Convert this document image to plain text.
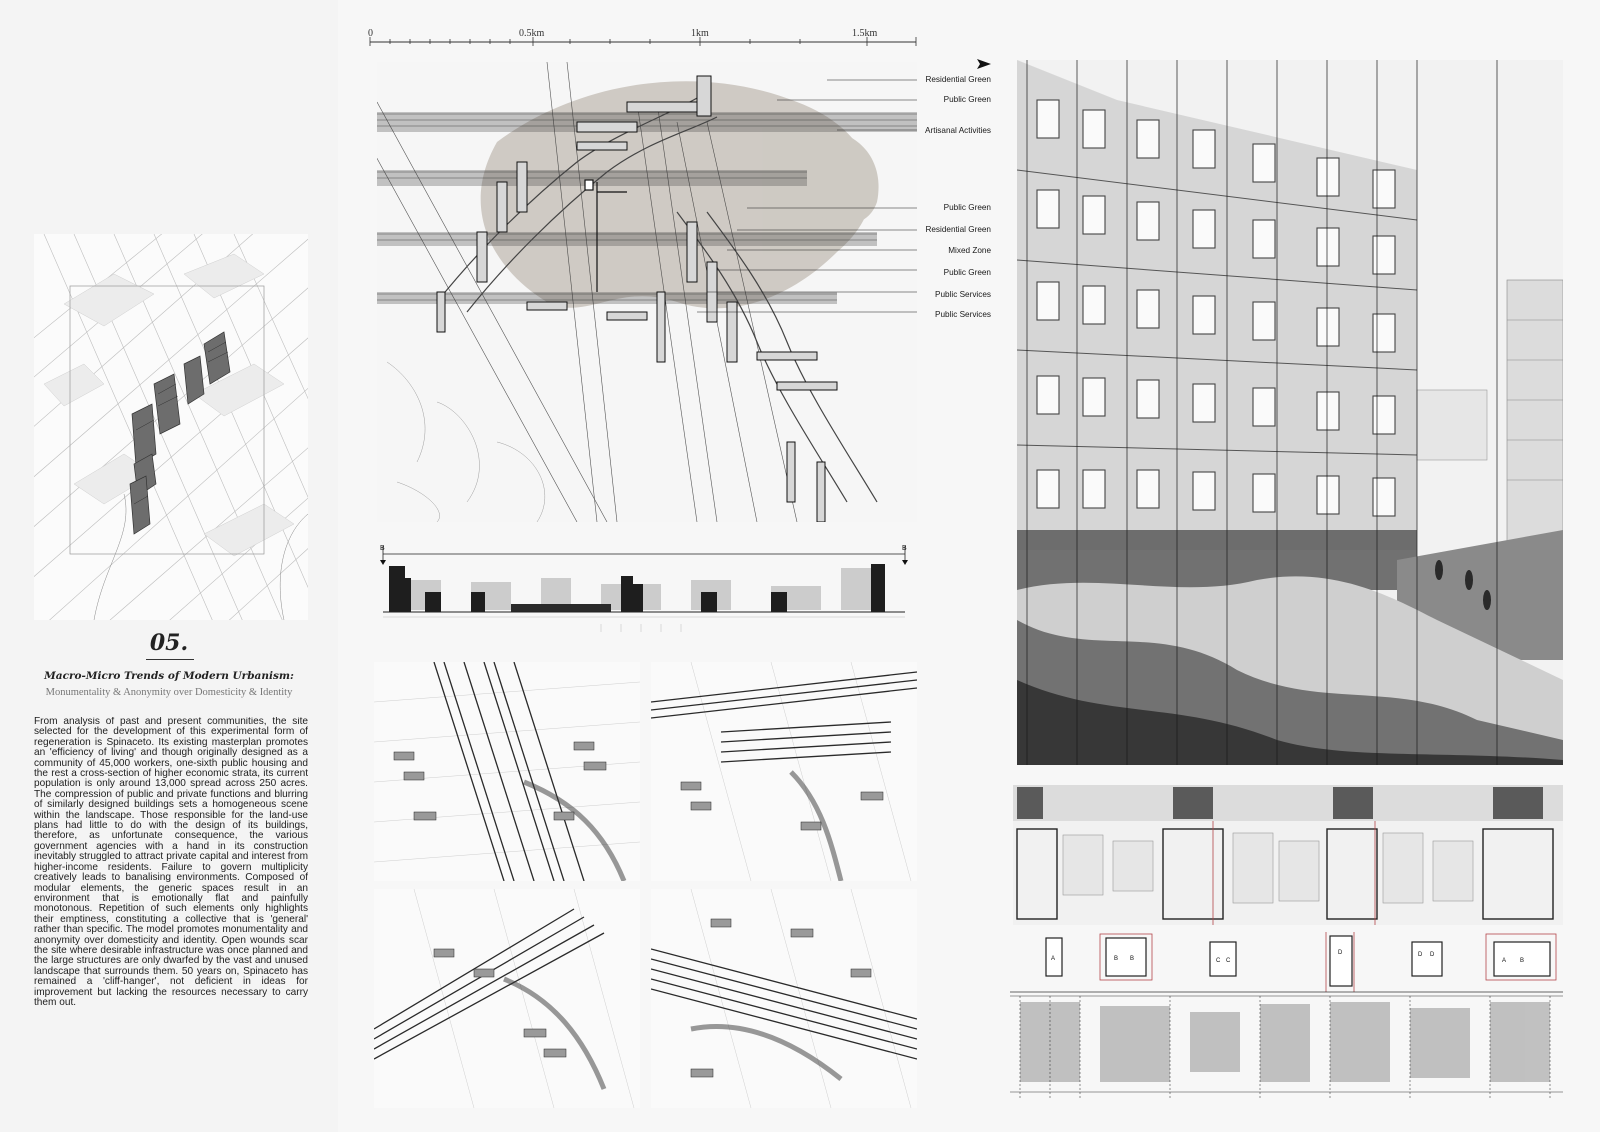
05.
Macro-Micro Trends of Modern Urbanism:
Monumentality & Anonymity over Domesticity & Identity
From analysis of past and present communities, the site selected for the development of this experimental form of regeneration is Spinaceto. Its existing masterplan promotes an 'efficiency of living' and though originally designed as a community of 45,000 workers, one-sixth public housing and the rest a cross-section of higher economic strata, its current population is only around 13,000 spread across 250 acres. The compression of public and private functions and blurring of similarly designed buildings sets a homogeneous scene within the landscape. Those responsible for the land-use plans had little to do with the design of its buildings, therefore, as unfortunate consequence, the various government agencies with a hand in its construction inevitably struggled to attract private capital and interest from higher-income residents. Failure to govern multiplicity creatively leads to banalising environments. Composed of modular elements, the generic spaces result in an environment that is emotionally flat and painfully monotonous. Repetition of such elements only highlights their emptiness, constituting a collective that is 'general' rather than specific. The model promotes monumentality and anonymity over domesticity and identity. Open wounds scar the site where desirable infrastructure was once planned and the large structures are only dwarfed by the vast and unused landscape that surrounds them. 50 years on, Spinaceto has remained a 'cliff-hanger', not deficient in ideas for improvement but lacking the resources necessary to carry them out.
0	0.5km	1km	1.5km
Residential Green
Public Green
Artisanal Activities
Public Green
Residential Green
Mixed Zone
Public Green
Public Services
Public Services
B	B
A	B B	C C
D	D D
A B
